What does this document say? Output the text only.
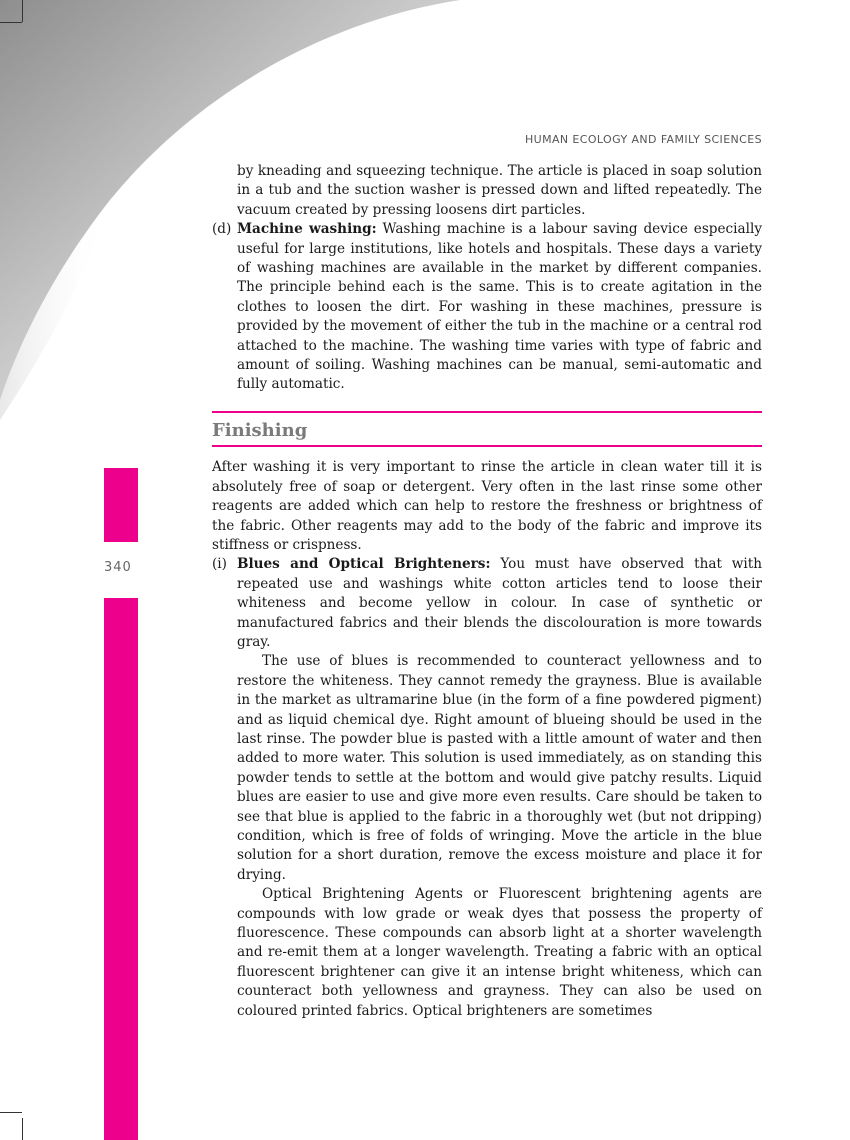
340
HUMAN ECOLOGY AND FAMILY SCIENCES

by kneading and squeezing technique. The article is placed in soap solution in a tub and the suction washer is pressed down and lifted repeatedly. The vacuum created by pressing loosens dirt particles.

(d) Machine washing: Washing machine is a labour saving device especially useful for large institutions, like hotels and hospitals. These days a variety of washing machines are available in the market by different companies. The principle behind each is the same. This is to create agitation in the clothes to loosen the dirt. For washing in these machines, pressure is provided by the movement of either the tub in the machine or a central rod attached to the machine. The washing time varies with type of fabric and amount of soiling. Washing machines can be manual, semi-automatic and fully automatic.

Finishing

After washing it is very important to rinse the article in clean water till it is absolutely free of soap or detergent. Very often in the last rinse some other reagents are added which can help to restore the freshness or brightness of the fabric. Other reagents may add to the body of the fabric and improve its stiffness or crispness.

(i) Blues and Optical Brighteners: You must have observed that with repeated use and washings white cotton articles tend to loose their whiteness and become yellow in colour. In case of synthetic or manufactured fabrics and their blends the discolouration is more towards gray.

The use of blues is recommended to counteract yellowness and to restore the whiteness. They cannot remedy the grayness. Blue is available in the market as ultramarine blue (in the form of a fine powdered pigment) and as liquid chemical dye. Right amount of blueing should be used in the last rinse. The powder blue is pasted with a little amount of water and then added to more water. This solution is used immediately, as on standing this powder tends to settle at the bottom and would give patchy results. Liquid blues are easier to use and give more even results. Care should be taken to see that blue is applied to the fabric in a thoroughly wet (but not dripping) condition, which is free of folds of wringing. Move the article in the blue solution for a short duration, remove the excess moisture and place it for drying.

Optical Brightening Agents or Fluorescent brightening agents are compounds with low grade or weak dyes that possess the property of fluorescence. These compounds can absorb light at a shorter wavelength and re-emit them at a longer wavelength. Treating a fabric with an optical fluorescent brightener can give it an intense bright whiteness, which can counteract both yellowness and grayness. They can also be used on coloured printed fabrics. Optical brighteners are sometimes
